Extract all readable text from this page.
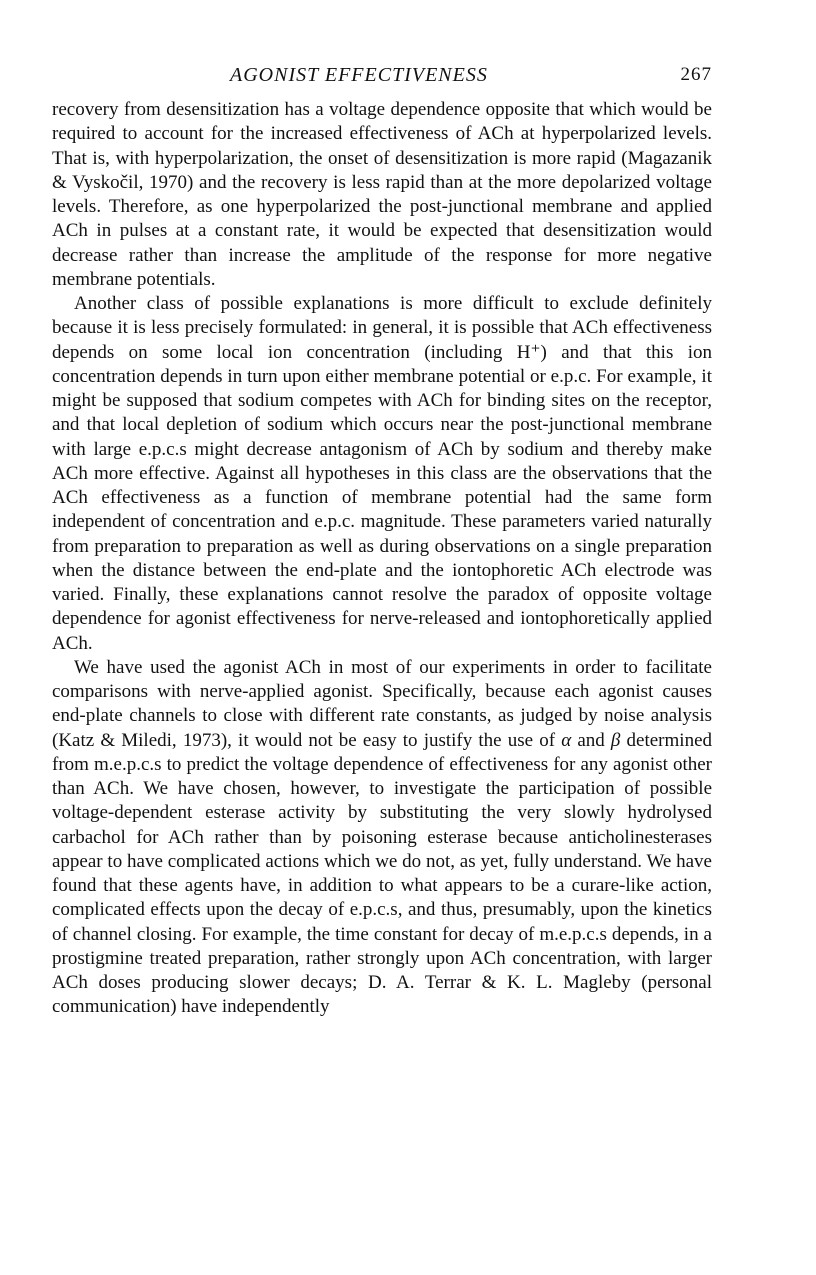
AGONIST EFFECTIVENESS	267

recovery from desensitization has a voltage dependence opposite that which would be required to account for the increased effectiveness of ACh at hyperpolarized levels. That is, with hyperpolarization, the onset of desensitization is more rapid (Magazanik & Vyskočil, 1970) and the recovery is less rapid than at the more depolarized voltage levels. Therefore, as one hyperpolarized the post-junctional membrane and applied ACh in pulses at a constant rate, it would be expected that desensitization would decrease rather than increase the amplitude of the response for more negative membrane potentials.

Another class of possible explanations is more difficult to exclude definitely because it is less precisely formulated: in general, it is possible that ACh effectiveness depends on some local ion concentration (including H⁺) and that this ion concentration depends in turn upon either membrane potential or e.p.c. For example, it might be supposed that sodium competes with ACh for binding sites on the receptor, and that local depletion of sodium which occurs near the post-junctional membrane with large e.p.c.s might decrease antagonism of ACh by sodium and thereby make ACh more effective. Against all hypotheses in this class are the observations that the ACh effectiveness as a function of membrane potential had the same form independent of concentration and e.p.c. magnitude. These parameters varied naturally from preparation to preparation as well as during observations on a single preparation when the distance between the end-plate and the iontophoretic ACh electrode was varied. Finally, these explanations cannot resolve the paradox of opposite voltage dependence for agonist effectiveness for nerve-released and iontophoretically applied ACh.

We have used the agonist ACh in most of our experiments in order to facilitate comparisons with nerve-applied agonist. Specifically, because each agonist causes end-plate channels to close with different rate constants, as judged by noise analysis (Katz & Miledi, 1973), it would not be easy to justify the use of α and β determined from m.e.p.c.s to predict the voltage dependence of effectiveness for any agonist other than ACh. We have chosen, however, to investigate the participation of possible voltage-dependent esterase activity by substituting the very slowly hydrolysed carbachol for ACh rather than by poisoning esterase because anticholinesterases appear to have complicated actions which we do not, as yet, fully understand. We have found that these agents have, in addition to what appears to be a curare-like action, complicated effects upon the decay of e.p.c.s, and thus, presumably, upon the kinetics of channel closing. For example, the time constant for decay of m.e.p.c.s depends, in a prostigmine treated preparation, rather strongly upon ACh concentration, with larger ACh doses producing slower decays; D. A. Terrar & K. L. Magleby (personal communication) have independently
